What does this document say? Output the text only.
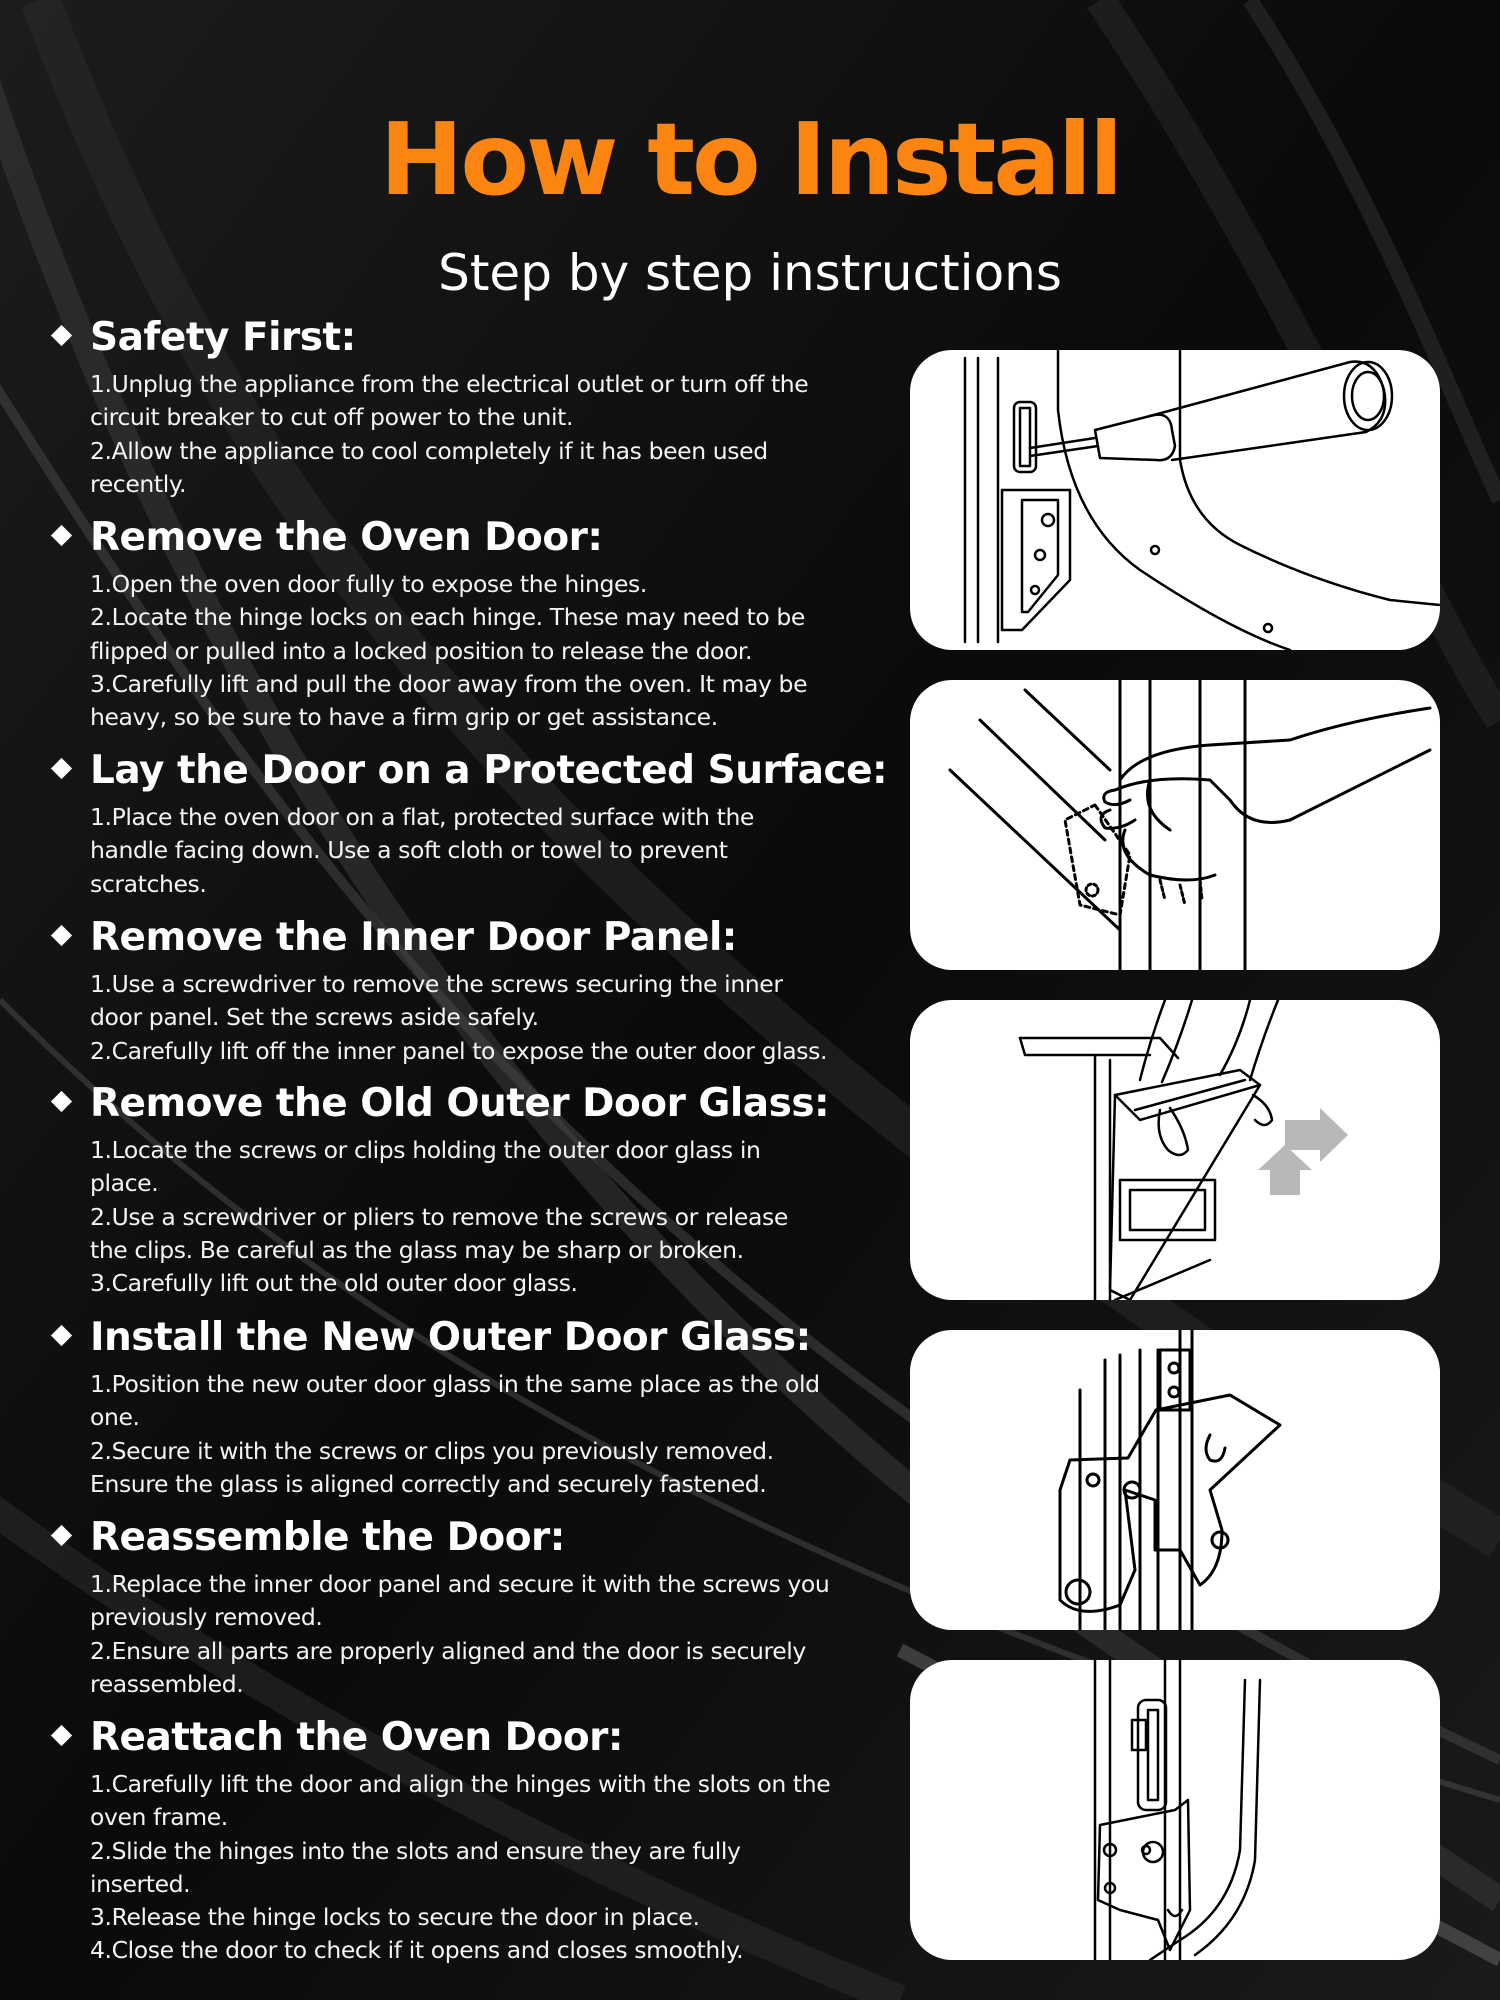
How to Install
Step by step instructions
Safety First:
1.Unplug the appliance from the electrical outlet or turn off the
circuit breaker to cut off power to the unit.
2.Allow the appliance to cool completely if it has been used
recently.
Remove the Oven Door:
1.Open the oven door fully to expose the hinges.
2.Locate the hinge locks on each hinge. These may need to be
flipped or pulled into a locked position to release the door.
3.Carefully lift and pull the door away from the oven. It may be
heavy, so be sure to have a firm grip or get assistance.
Lay the Door on a Protected Surface:
1.Place the oven door on a flat, protected surface with the
handle facing down. Use a soft cloth or towel to prevent
scratches.
Remove the Inner Door Panel:
1.Use a screwdriver to remove the screws securing the inner
door panel. Set the screws aside safely.
2.Carefully lift off the inner panel to expose the outer door glass.
Remove the Old Outer Door Glass:
1.Locate the screws or clips holding the outer door glass in
place.
2.Use a screwdriver or pliers to remove the screws or release
the clips. Be careful as the glass may be sharp or broken.
3.Carefully lift out the old outer door glass.
Install the New Outer Door Glass:
1.Position the new outer door glass in the same place as the old
one.
2.Secure it with the screws or clips you previously removed.
Ensure the glass is aligned correctly and securely fastened.
Reassemble the Door:
1.Replace the inner door panel and secure it with the screws you
previously removed.
2.Ensure all parts are properly aligned and the door is securely
reassembled.
Reattach the Oven Door:
1.Carefully lift the door and align the hinges with the slots on the
oven frame.
2.Slide the hinges into the slots and ensure they are fully
inserted.
3.Release the hinge locks to secure the door in place.
4.Close the door to check if it opens and closes smoothly.
